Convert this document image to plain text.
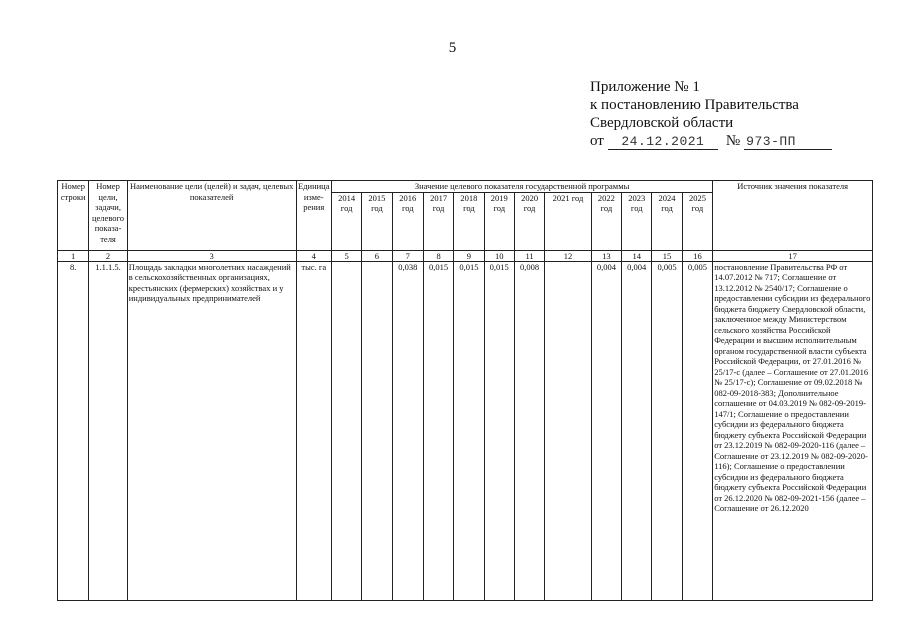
5
Приложение № 1
к постановлению Правительства
Свердловской области
от 24.12.2021 № 973-ПП
Номер строки	Номер цели, задачи, целевого показа-теля	Наименование цели (целей) и задач, целевых показателей	Единица изме-рения	Значение целевого показателя государственной программы												Источник значения показателя
				2014 год	2015 год	2016 год	2017 год	2018 год	2019 год	2020 год	2021 год	2022 год	2023 год	2024 год	2025 год	
1	2	3	4	5	6	7	8	9	10	11	12	13	14	15	16	17
8.	1.1.1.5.	Площадь закладки многолетних насаждений в сельскохозяйственных организациях, крестьянских (фермерских) хозяйствах и у индивидуальных предпринимателей	тыс. га			0,038	0,015	0,015	0,015	0,008		0,004	0,004	0,005	0,005	постановление Правительства РФ от 14.07.2012 № 717; Соглашение от 13.12.2012 № 2540/17; Соглашение о предоставлении субсидии из федерального бюджета бюджету Свердловской области, заключенное между Министерством сельского хозяйства Российской Федерации и высшим исполнительным органом государственной власти субъекта Российской Федерации, от 27.01.2016 № 25/17-с (далее – Соглашение от 27.01.2016 № 25/17-с); Соглашение от 09.02.2018 № 082-09-2018-383; Дополнительное соглашение от 04.03.2019 № 082-09-2019-147/1; Соглашение о предоставлении субсидии из федерального бюджета бюджету субъекта Российской Федерации от 23.12.2019 № 082-09-2020-116 (далее – Соглашение от 23.12.2019 № 082-09-2020-116); Соглашение о предоставлении субсидии из федерального бюджета бюджету субъекта Российской Федерации от 26.12.2020 № 082-09-2021-156 (далее – Соглашение от 26.12.2020
